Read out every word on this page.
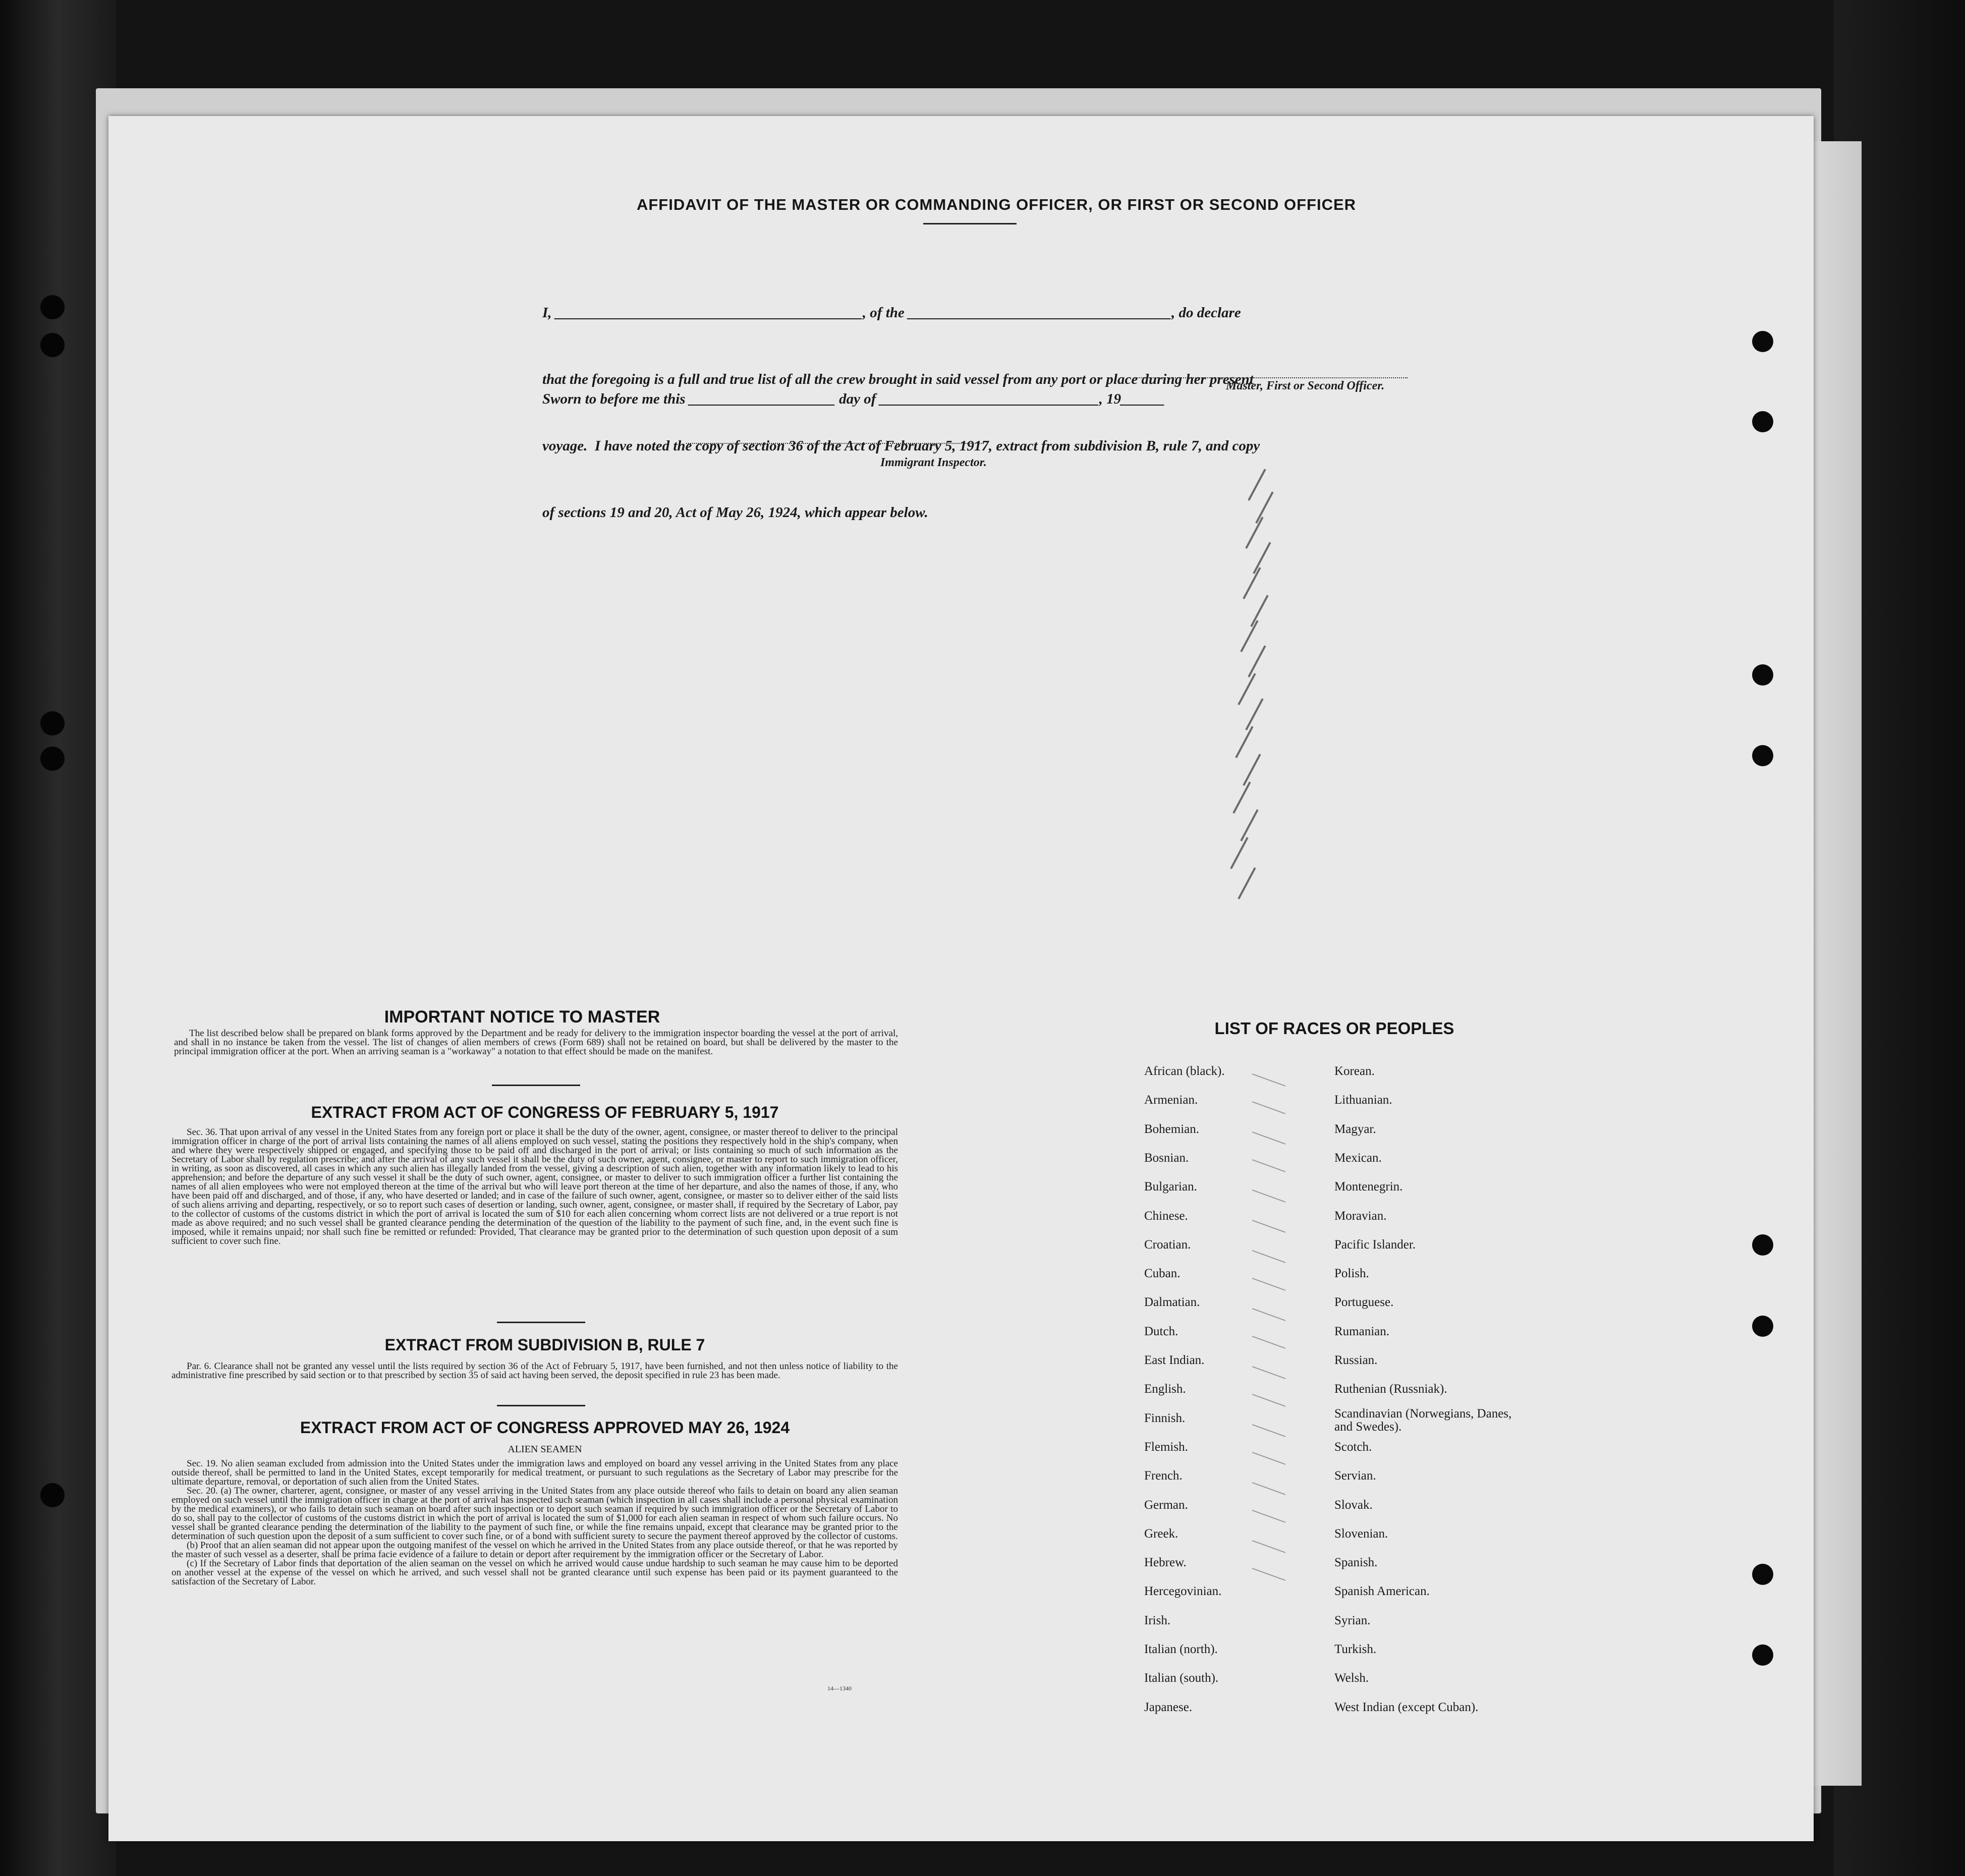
AFFIDAVIT OF THE MASTER OR COMMANDING OFFICER, OR FIRST OR SECOND OFFICER

I, __________________________________________, of the ____________________________________, do declare

that the foregoing is a full and true list of all the crew brought in said vessel from any port or place during her present

voyage.  I have noted the copy of section 36 of the Act of February 5, 1917, extract from subdivision B, rule 7, and copy

of sections 19 and 20, Act of May 26, 1924, which appear below.

Master, First or Second Officer.
Sworn to before me this ____________________ day of ______________________________, 19______
Immigrant Inspector.
IMPORTANT NOTICE TO MASTER

The list described below shall be prepared on blank forms approved by the Department and be ready for delivery to the immigration inspector boarding the vessel at the port of arrival, and shall in no instance be taken from the vessel. The list of changes of alien members of crews (Form 689) shall not be retained on board, but shall be delivered by the master to the principal immigration officer at the port. When an arriving seaman is a "workaway" a notation to that effect should be made on the manifest.

EXTRACT FROM ACT OF CONGRESS OF FEBRUARY 5, 1917

Sec. 36. That upon arrival of any vessel in the United States from any foreign port or place it shall be the duty of the owner, agent, consignee, or master thereof to deliver to the principal immigration officer in charge of the port of arrival lists containing the names of all aliens employed on such vessel, stating the positions they respectively hold in the ship's company, when and where they were respectively shipped or engaged, and specifying those to be paid off and discharged in the port of arrival; or lists containing so much of such information as the Secretary of Labor shall by regulation prescribe; and after the arrival of any such vessel it shall be the duty of such owner, agent, consignee, or master to report to such immigration officer, in writing, as soon as discovered, all cases in which any such alien has illegally landed from the vessel, giving a description of such alien, together with any information likely to lead to his apprehension; and before the departure of any such vessel it shall be the duty of such owner, agent, consignee, or master to deliver to such immigration officer a further list containing the names of all alien employees who were not employed thereon at the time of the arrival but who will leave port thereon at the time of her departure, and also the names of those, if any, who have been paid off and discharged, and of those, if any, who have deserted or landed; and in case of the failure of such owner, agent, consignee, or master so to deliver either of the said lists of such aliens arriving and departing, respectively, or so to report such cases of desertion or landing, such owner, agent, consignee, or master shall, if required by the Secretary of Labor, pay to the collector of customs of the customs district in which the port of arrival is located the sum of $10 for each alien concerning whom correct lists are not delivered or a true report is not made as above required; and no such vessel shall be granted clearance pending the determination of the question of the liability to the payment of such fine, and, in the event such fine is imposed, while it remains unpaid; nor shall such fine be remitted or refunded: Provided, That clearance may be granted prior to the determination of such question upon deposit of a sum sufficient to cover such fine.

EXTRACT FROM SUBDIVISION B, RULE 7

Par. 6. Clearance shall not be granted any vessel until the lists required by section 36 of the Act of February 5, 1917, have been furnished, and not then unless notice of liability to the administrative fine prescribed by said section or to that prescribed by section 35 of said act having been served, the deposit specified in rule 23 has been made.

EXTRACT FROM ACT OF CONGRESS APPROVED MAY 26, 1924
ALIEN SEAMEN

Sec. 19. No alien seaman excluded from admission into the United States under the immigration laws and employed on board any vessel arriving in the United States from any place outside thereof, shall be permitted to land in the United States, except temporarily for medical treatment, or pursuant to such regulations as the Secretary of Labor may prescribe for the ultimate departure, removal, or deportation of such alien from the United States.

Sec. 20. (a) The owner, charterer, agent, consignee, or master of any vessel arriving in the United States from any place outside thereof who fails to detain on board any alien seaman employed on such vessel until the immigration officer in charge at the port of arrival has inspected such seaman (which inspection in all cases shall include a personal physical examination by the medical examiners), or who fails to detain such seaman on board after such inspection or to deport such seaman if required by such immigration officer or the Secretary of Labor to do so, shall pay to the collector of customs of the customs district in which the port of arrival is located the sum of $1,000 for each alien seaman in respect of whom such failure occurs. No vessel shall be granted clearance pending the determination of the liability to the payment of such fine, or while the fine remains unpaid, except that clearance may be granted prior to the determination of such question upon the deposit of a sum sufficient to cover such fine, or of a bond with sufficient surety to secure the payment thereof approved by the collector of customs.

(b) Proof that an alien seaman did not appear upon the outgoing manifest of the vessel on which he arrived in the United States from any place outside thereof, or that he was reported by the master of such vessel as a deserter, shall be prima facie evidence of a failure to detain or deport after requirement by the immigration officer or the Secretary of Labor.

(c) If the Secretary of Labor finds that deportation of the alien seaman on the vessel on which he arrived would cause undue hardship to such seaman he may cause him to be deported on another vessel at the expense of the vessel on which he arrived, and such vessel shall not be granted clearance until such expense has been paid or its payment guaranteed to the satisfaction of the Secretary of Labor.

14—1340
LIST OF RACES OR PEOPLES
African (black).
Armenian.
Bohemian.
Bosnian.
Bulgarian.
Chinese.
Croatian.
Cuban.
Dalmatian.
Dutch.
East Indian.
English.
Finnish.
Flemish.
French.
German.
Greek.
Hebrew.
Hercegovinian.
Irish.
Italian (north).
Italian (south).
Japanese.
Korean.
Lithuanian.
Magyar.
Mexican.
Montenegrin.
Moravian.
Pacific Islander.
Polish.
Portuguese.
Rumanian.
Russian.
Ruthenian (Russniak).
Scandinavian (Norwegians, Danes, and Swedes).
Scotch.
Servian.
Slovak.
Slovenian.
Spanish.
Spanish American.
Syrian.
Turkish.
Welsh.
West Indian (except Cuban).
